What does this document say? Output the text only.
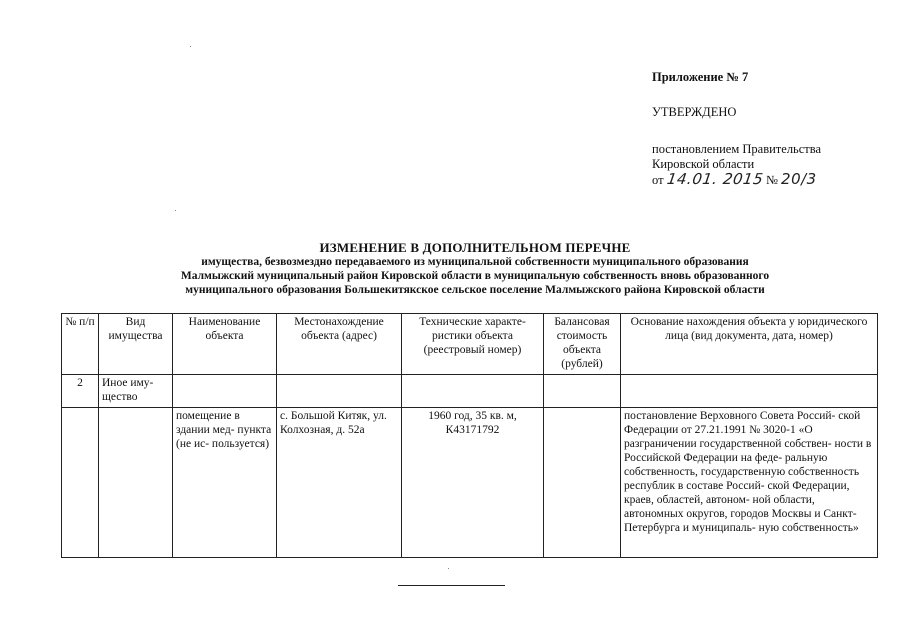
Приложение № 7
УТВЕРЖДЕНО
постановлением Правительства
Кировской области
от 14.01. 2015 № 20/3
ИЗМЕНЕНИЕ В ДОПОЛНИТЕЛЬНОМ ПЕРЕЧНЕ
имущества, безвозмездно передаваемого из муниципальной собственности муниципального образования
Малмыжский муниципальный район Кировской области в муниципальную собственность вновь образованного
муниципального образования Большекитякское сельское поселение Малмыжского района Кировской области
№ п/п	Вид имущества	Наименование объекта	Местонахождение объекта (адрес)	Технические характе- ристики объекта (реестровый номер)	Балансовая стоимость объекта (рублей)	Основание нахождения объекта у юридического лица (вид документа, дата, номер)
2	Иное иму- щество					
		помещение в здании мед- пункта (не ис- пользуется)	с. Большой Китяк, ул. Колхозная, д. 52а	1960 год, 35 кв. м, К43171792		постановление Верховного Совета Россий- ской Федерации от 27.21.1991 № 3020-1 «О разграничении государственной собствен- ности в Российской Федерации на феде- ральную собственность, государственную собственность республик в составе Россий- ской Федерации, краев, областей, автоном- ной области, автономных округов, городов Москвы и Санкт-Петербурга и муниципаль- ную собственность»
